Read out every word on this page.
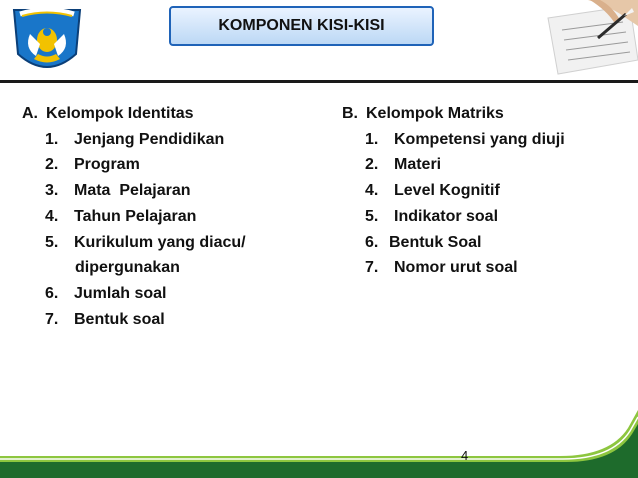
KOMPONEN KISI-KISI
A. Kelompok Identitas
1. Jenjang Pendidikan
2. Program
3. Mata  Pelajaran
4. Tahun Pelajaran
5. Kurikulum yang diacu/
dipergunakan
6. Jumlah soal
7. Bentuk soal
B. Kelompok Matriks
1. Kompetensi yang diuji
2. Materi
4. Level Kognitif
5. Indikator soal
6. Bentuk Soal
7. Nomor urut soal
4
